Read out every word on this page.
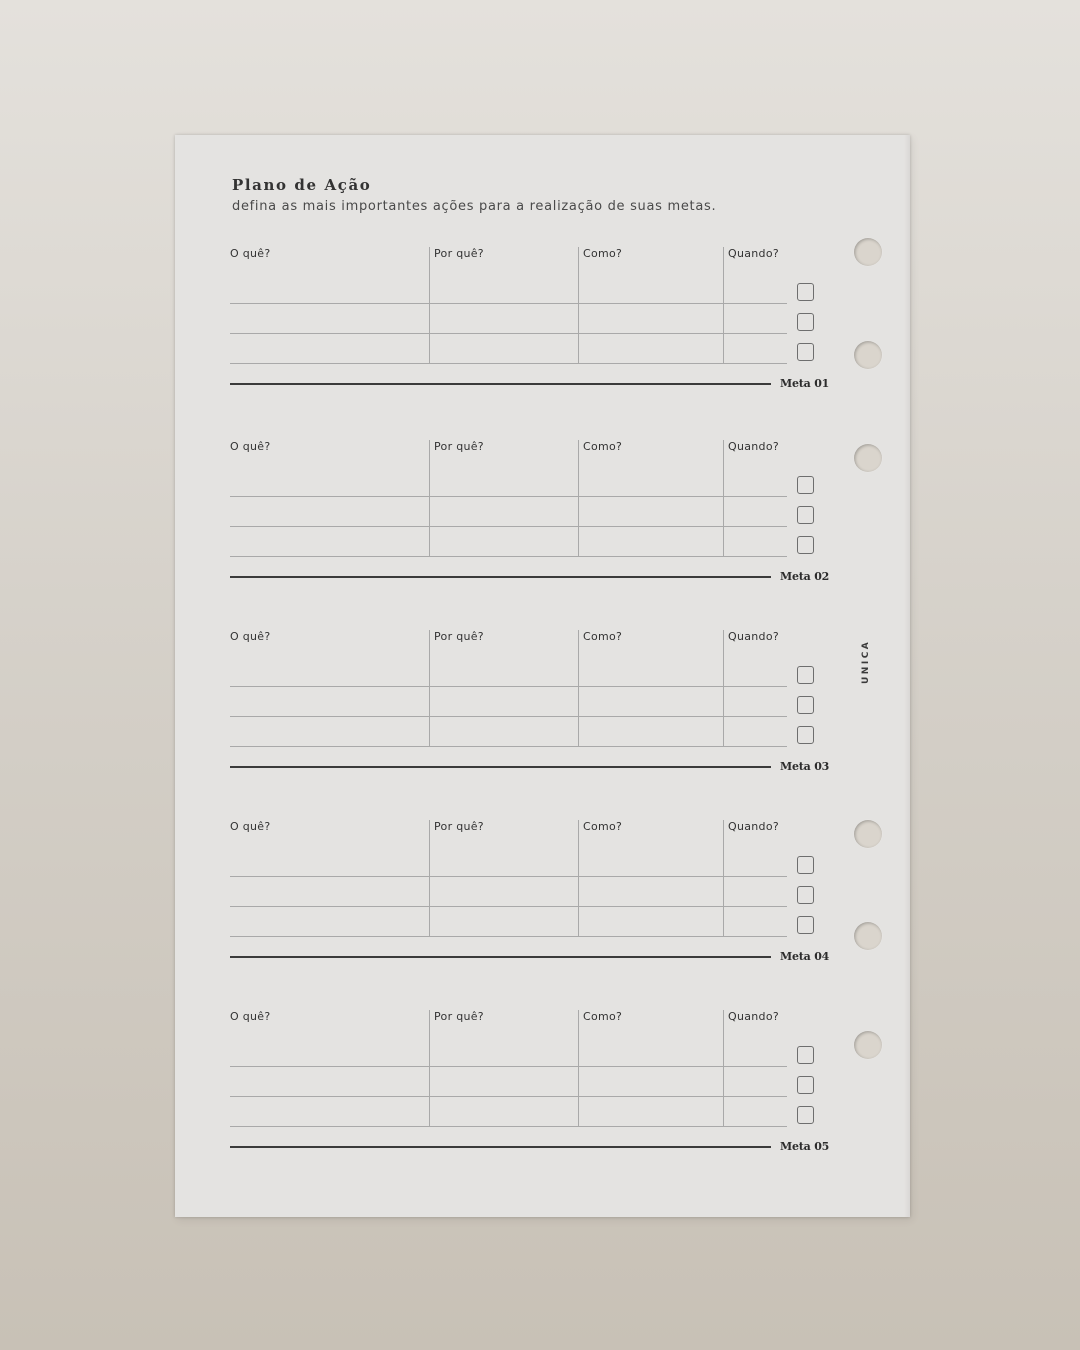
Plano de Ação

defina as mais importantes ações para a realização de suas metas.

O quê?	Por quê?	Como?	Quando?
Meta 01
O quê?	Por quê?	Como?	Quando?
Meta 02
O quê?	Por quê?	Como?	Quando?
Meta 03
O quê?	Por quê?	Como?	Quando?
Meta 04
O quê?	Por quê?	Como?	Quando?
Meta 05
UNICA
